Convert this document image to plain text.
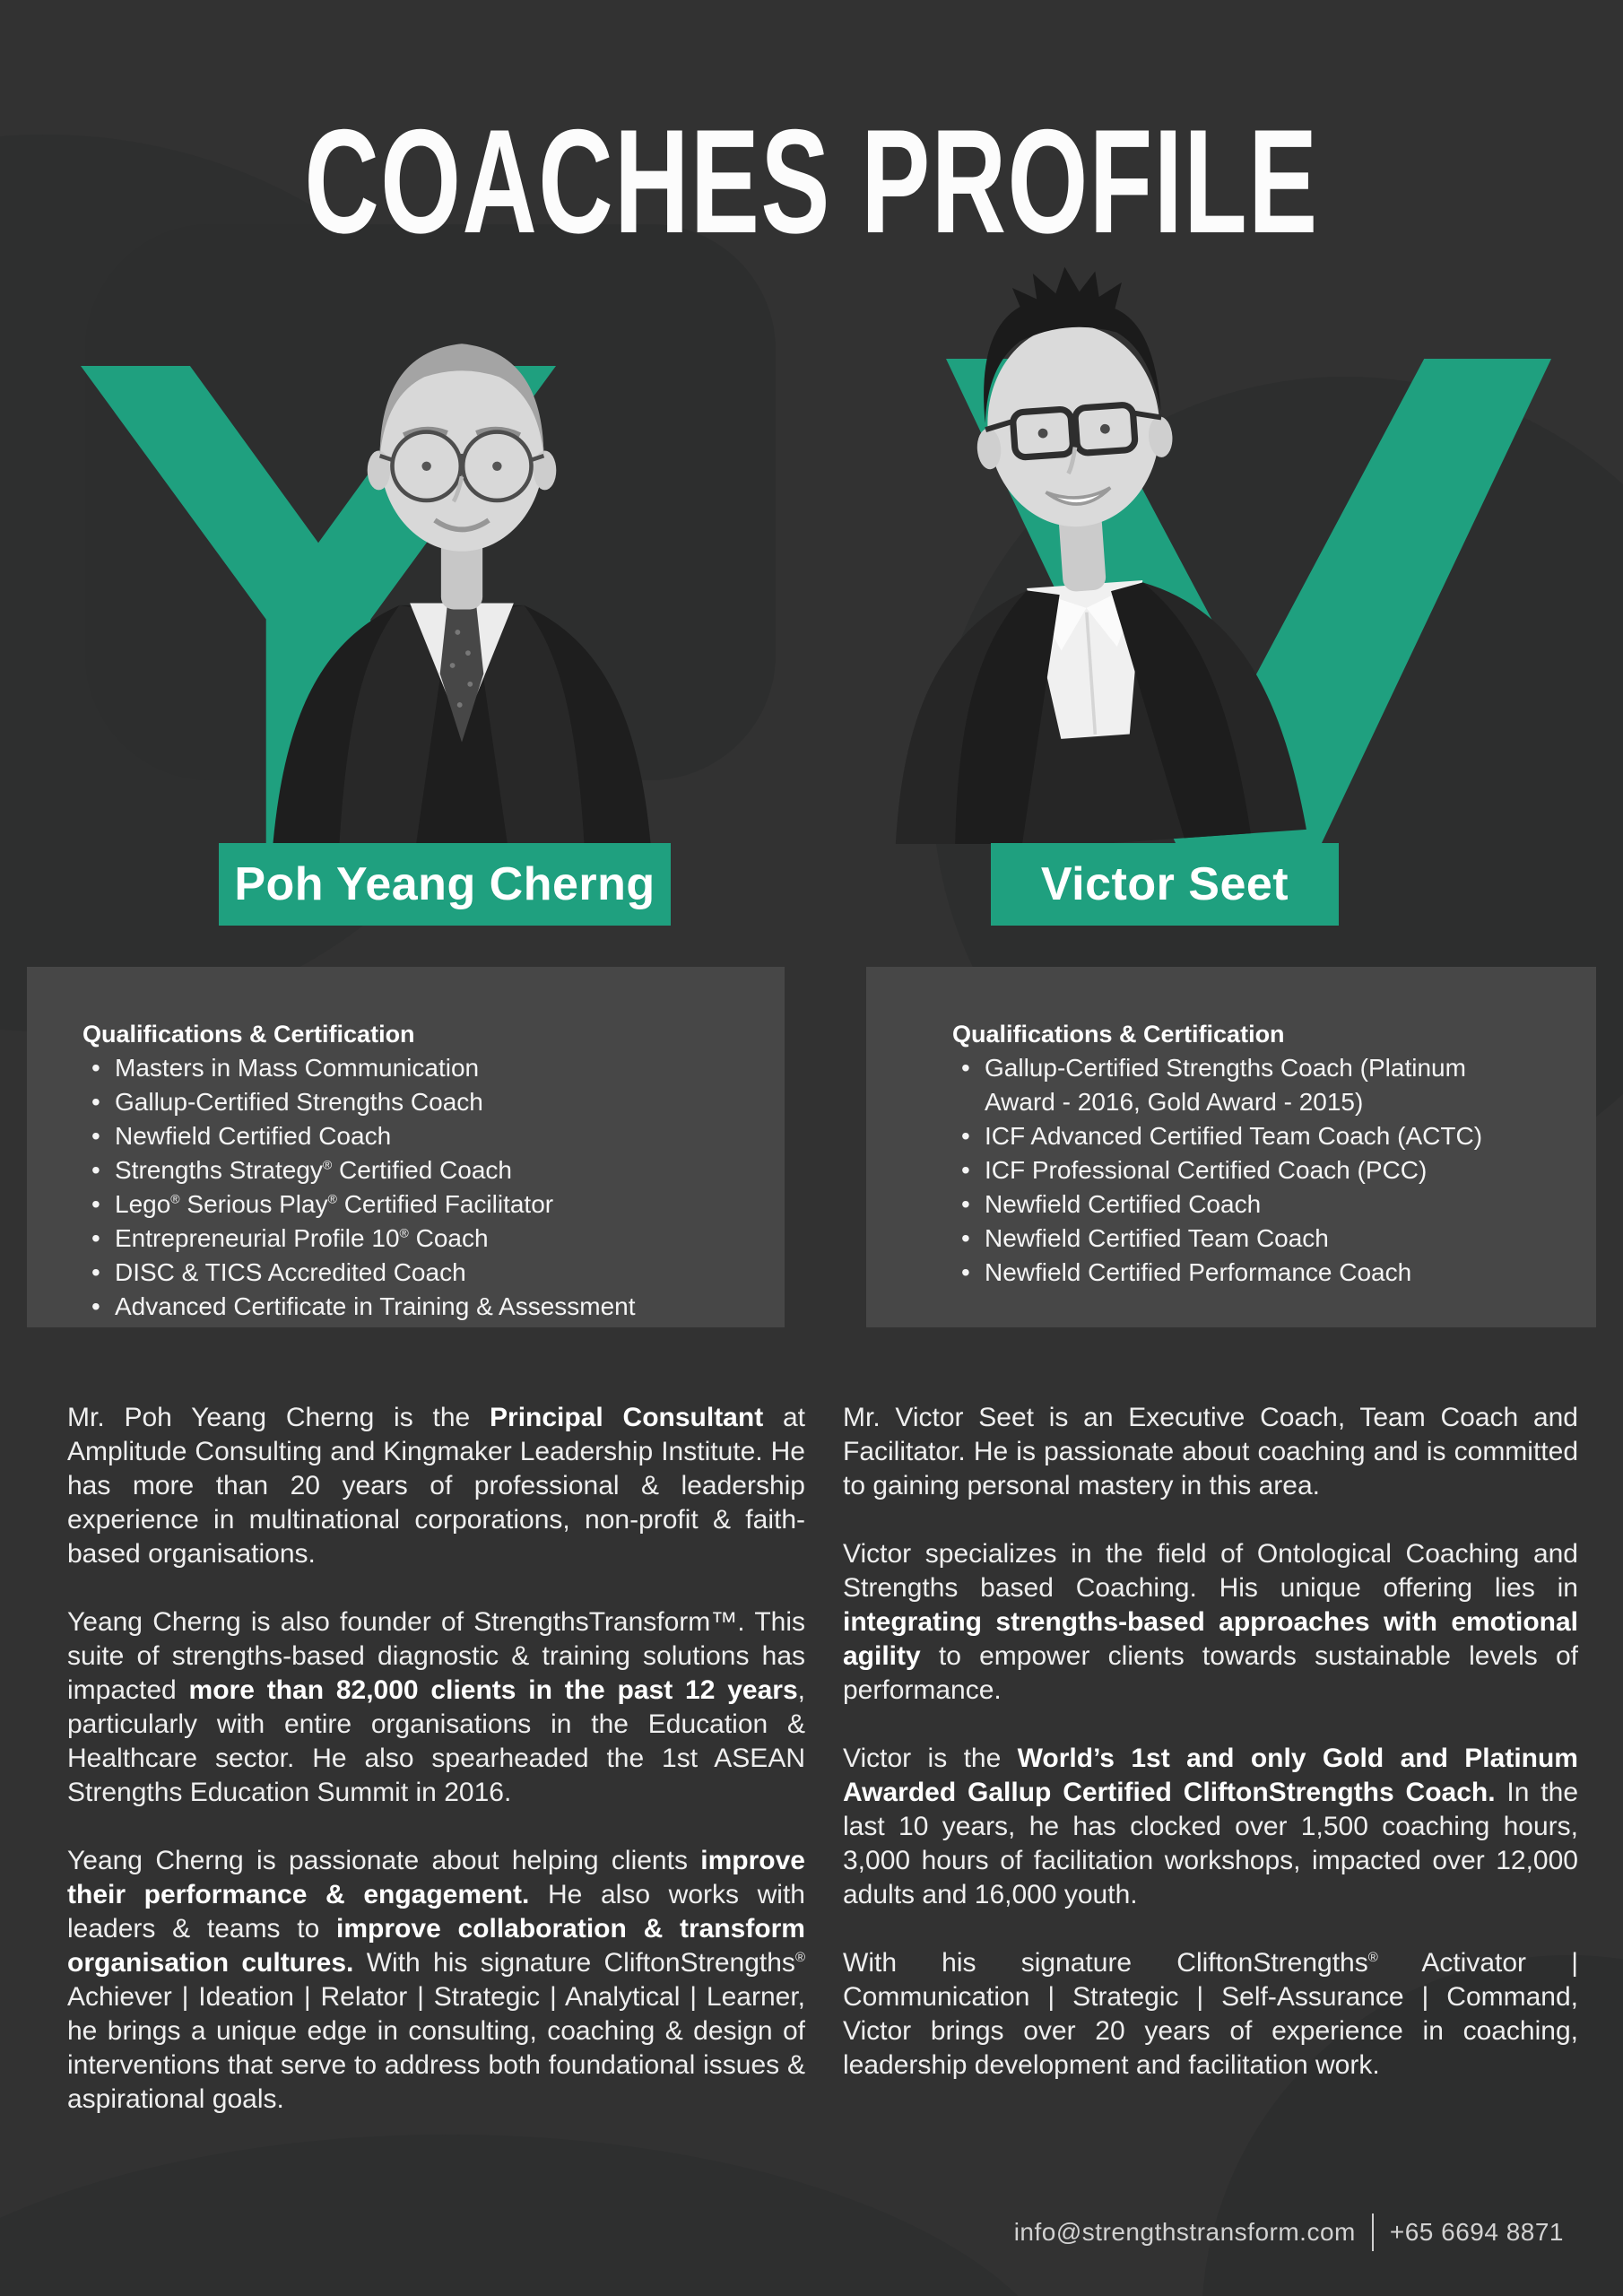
COACHES PROFILE
Poh Yeang Cherng	Victor Seet
Qualifications & Certification
• Masters in Mass Communication
• Gallup-Certified Strengths Coach
• Newfield Certified Coach
• Strengths Strategy® Certified Coach
• Lego® Serious Play® Certified Facilitator
• Entrepreneurial Profile 10® Coach
• DISC & TICS Accredited Coach
• Advanced Certificate in Training & Assessment
Qualifications & Certification
• Gallup-Certified Strengths Coach (Platinum Award - 2016, Gold Award - 2015)
• ICF Advanced Certified Team Coach (ACTC)
• ICF Professional Certified Coach (PCC)
• Newfield Certified Coach
• Newfield Certified Team Coach
• Newfield Certified Performance Coach

Mr. Poh Yeang Cherng is the Principal Consultant at Amplitude Consulting and Kingmaker Leadership Institute. He has more than 20 years of professional & leadership experience in multinational corporations, non-profit & faith-based organisations.

Yeang Cherng is also founder of StrengthsTransform™. This suite of strengths-based diagnostic & training solutions has impacted more than 82,000 clients in the past 12 years, particularly with entire organisations in the Education & Healthcare sector. He also spearheaded the 1st ASEAN Strengths Education Summit in 2016.

Yeang Cherng is passionate about helping clients improve their performance & engagement. He also works with leaders & teams to improve collaboration & transform organisation cultures. With his signature CliftonStrengths® Achiever | Ideation | Relator | Strategic | Analytical | Learner, he brings a unique edge in consulting, coaching & design of interventions that serve to address both foundational issues & aspirational goals.

Mr. Victor Seet is an Executive Coach, Team Coach and Facilitator. He is passionate about coaching and is committed to gaining personal mastery in this area.

Victor specializes in the field of Ontological Coaching and Strengths based Coaching. His unique offering lies in integrating strengths-based approaches with emotional agility to empower clients towards sustainable levels of performance.

Victor is the World’s 1st and only Gold and Platinum Awarded Gallup Certified CliftonStrengths Coach. In the last 10 years, he has clocked over 1,500 coaching hours, 3,000 hours of facilitation workshops, impacted over 12,000 adults and 16,000 youth.

With his signature CliftonStrengths® Activator | Communication | Strategic | Self-Assurance | Command, Victor brings over 20 years of experience in coaching, leadership development and facilitation work.

info@strengthstransform.com +65 6694 8871
